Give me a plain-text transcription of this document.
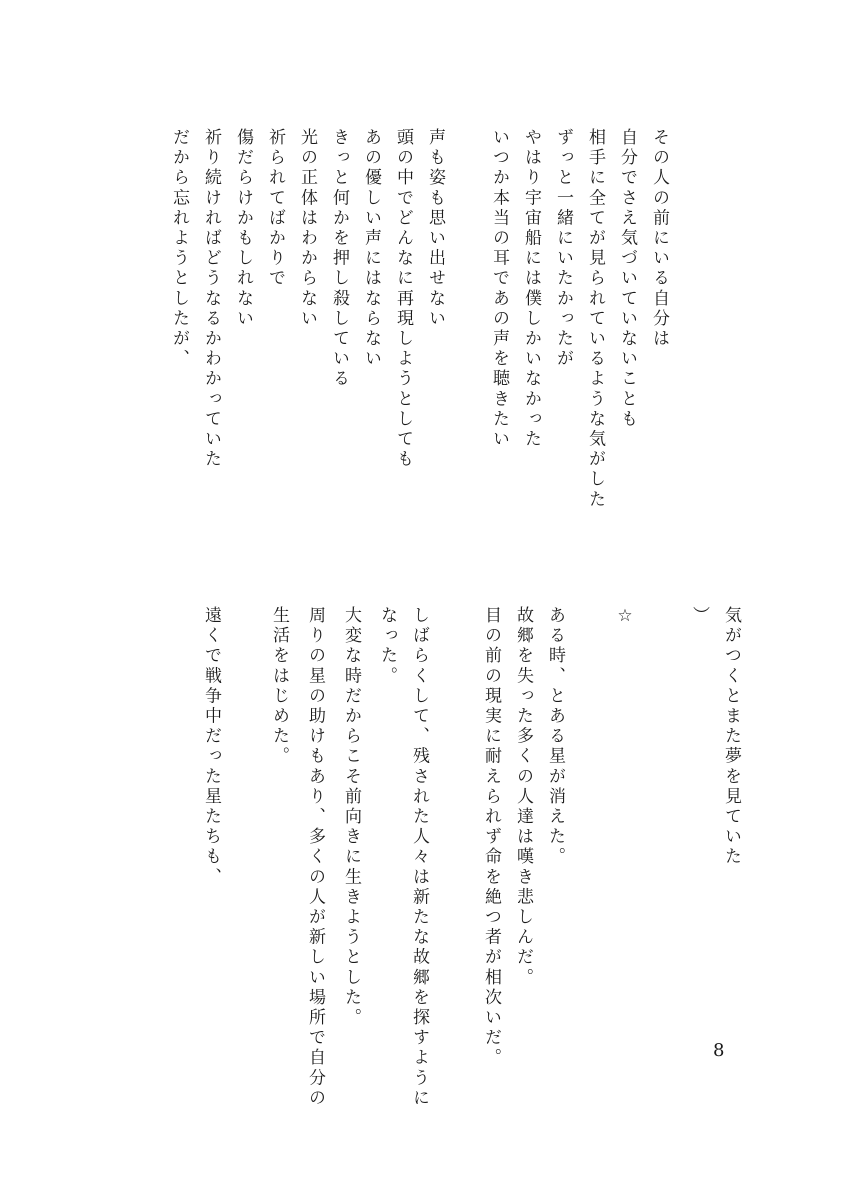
その人の前にいる自分は
自分でさえ気づいていないことも
相手に全てが見られているような気がした
ずっと一緒にいたかったが
やはり宇宙船には僕しかいなかった
いつか本当の耳であの声を聴きたい
声も姿も思い出せない
頭の中でどんなに再現しようとしても
あの優しい声にはならない
きっと何かを押し殺している
光の正体はわからない
祈られてばかりで
傷だらけかもしれない
祈り続ければどうなるかわかっていた
だから忘れようとしたが、
気がつくとまた夢を見ていた
）
☆
ある時、とある星が消えた。
故郷を失った多くの人達は嘆き悲しんだ。
目の前の現実に耐えられず命を絶つ者が相次いだ。
しばらくして、残された人々は新たな故郷を探すように
なった。
大変な時だからこそ前向きに生きようとした。
周りの星の助けもあり、多くの人が新しい場所で自分の
生活をはじめた。
遠くで戦争中だった星たちも、
8
